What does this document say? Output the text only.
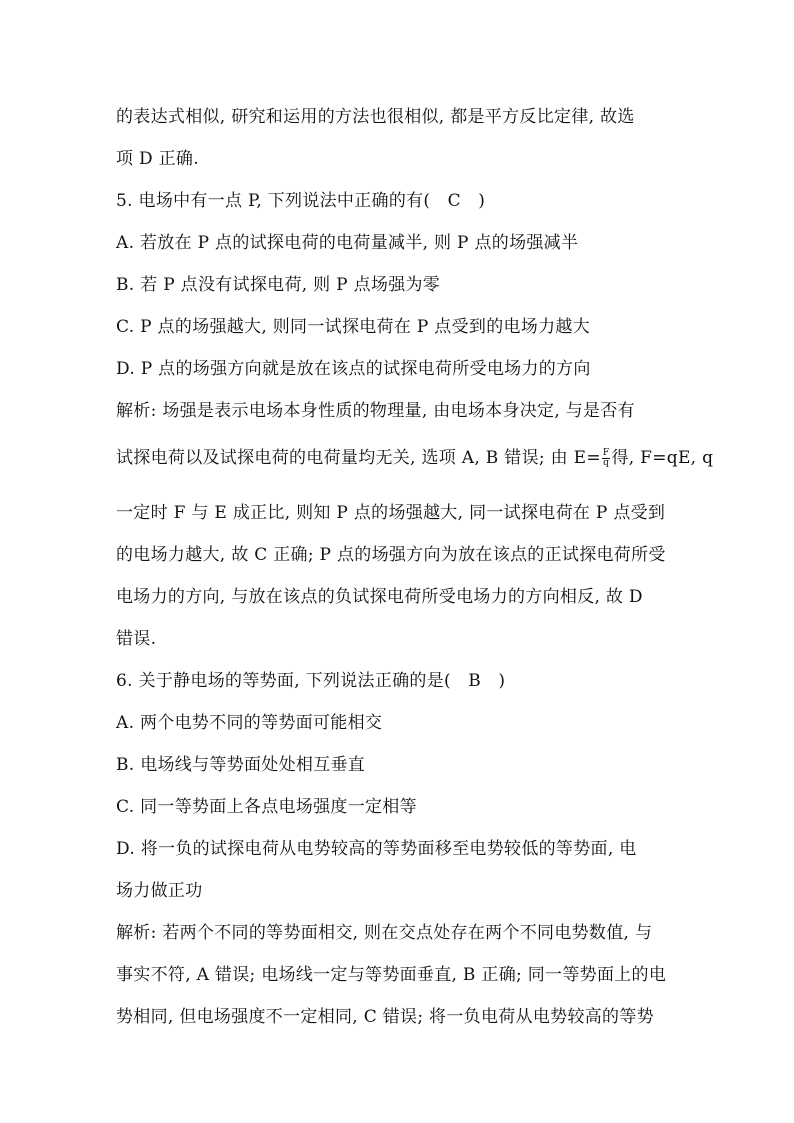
的表达式相似, 研究和运用的方法也很相似, 都是平方反比定律, 故选
项 D 正确.
5. 电场中有一点 P, 下列说法中正确的有(　C　)
A. 若放在 P 点的试探电荷的电荷量减半, 则 P 点的场强减半
B. 若 P 点没有试探电荷, 则 P 点场强为零
C. P 点的场强越大, 则同一试探电荷在 P 点受到的电场力越大
D. P 点的场强方向就是放在该点的试探电荷所受电场力的方向
解析: 场强是表示电场本身性质的物理量, 由电场本身决定, 与是否有
试探电荷以及试探电荷的电荷量均无关, 选项 A, B 错误; 由 $E= \frac{F}{q}$ 得, F=qE, q
一定时 F 与 E 成正比, 则知 P 点的场强越大, 同一试探电荷在 P 点受到
的电场力越大, 故 C 正确; P 点的场强方向为放在该点的正试探电荷所受
电场力的方向, 与放在该点的负试探电荷所受电场力的方向相反, 故 D
错误.
6. 关于静电场的等势面, 下列说法正确的是(　B　)
A. 两个电势不同的等势面可能相交
B. 电场线与等势面处处相互垂直
C. 同一等势面上各点电场强度一定相等
D. 将一负的试探电荷从电势较高的等势面移至电势较低的等势面, 电
场力做正功
解析: 若两个不同的等势面相交, 则在交点处存在两个不同电势数值, 与
事实不符, A 错误; 电场线一定与等势面垂直, B 正确; 同一等势面上的电
势相同, 但电场强度不一定相同, C 错误; 将一负电荷从电势较高的等势
